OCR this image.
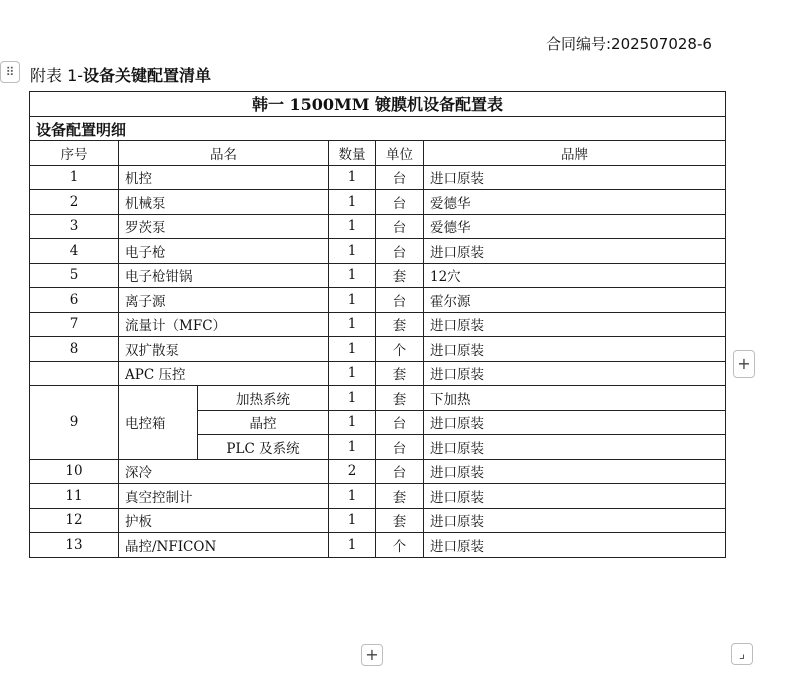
合同编号:202507028-6
⠿ 附表 1-设备关键配置清单
韩一 1500MM 镀膜机设备配置表					
设备配置明细					
序号	品名		数量	单位	品牌
1	机控		1	台	进口原装
2	机械泵		1	台	爱德华
3	罗茨泵		1	台	爱德华
4	电子枪		1	台	进口原装
5	电子枪钳锅		1	套	12穴
6	离子源		1	台	霍尔源
7	流量计（MFC）		1	套	进口原装
8	双扩散泵		1	个	进口原装
	APC 压控		1	套	进口原装
9	电控箱	加热系统	1	套	下加热
		晶控	1	台	进口原装
		PLC 及系统	1	台	进口原装
10	深冷		2	台	进口原装
11	真空控制计		1	套	进口原装
12	护板		1	套	进口原装
13	晶控/NFICON		1	个	进口原装
+
+	⌟
